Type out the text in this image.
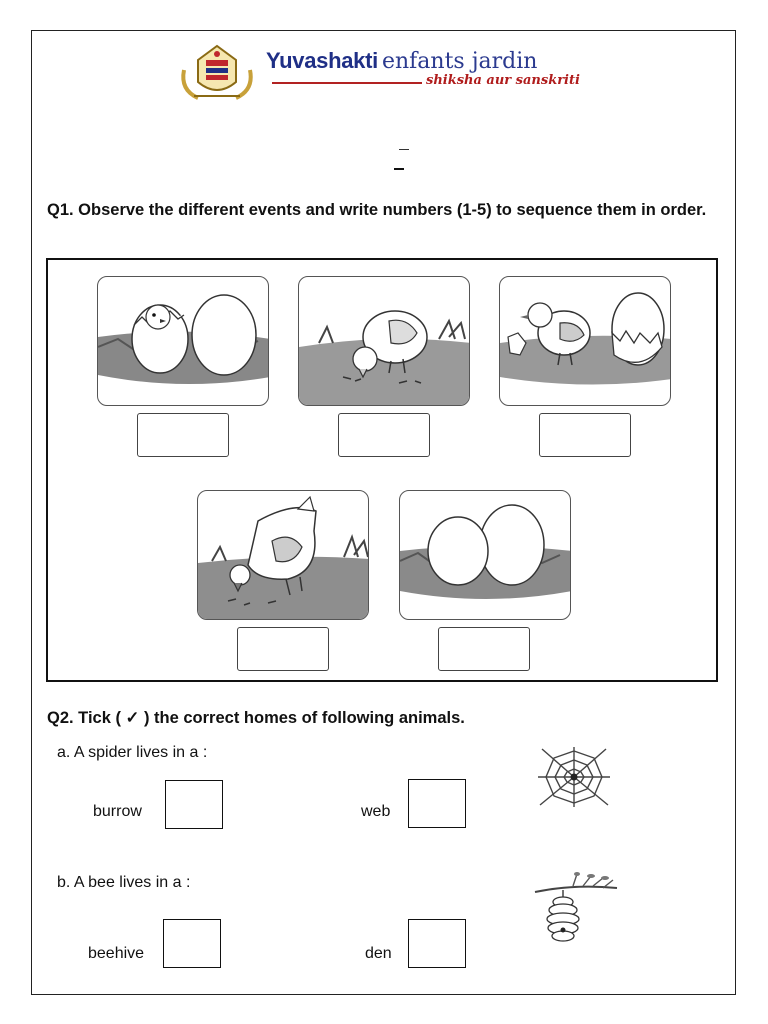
Yuvashakti enfants jardin
shiksha aur sanskriti
Q1. Observe the different events and write numbers (1-5) to sequence them in order.
Q2. Tick ( ✓ ) the correct homes of following animals.
a. A spider lives in a :
burrow	web
b. A bee lives in a :
beehive	den
